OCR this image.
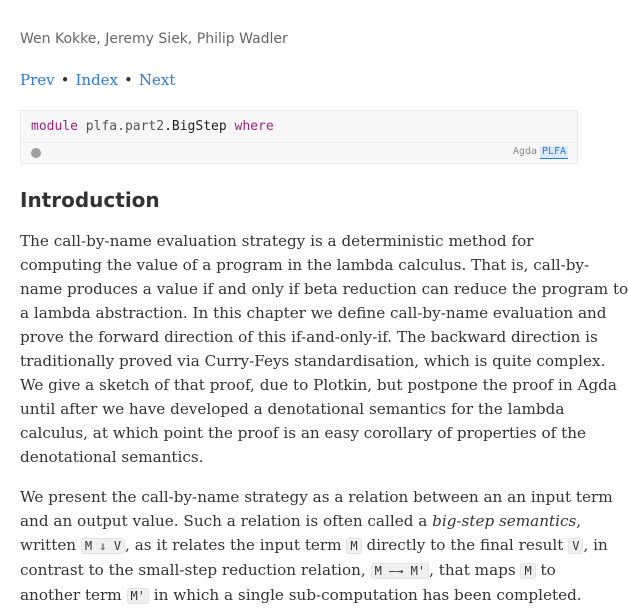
Wen Kokke, Jeremy Siek, Philip Wadler
Prev • Index • Next
module plfa.part2.BigStep where
Agda PLFA
Introduction

The call-by-name evaluation strategy is a deterministic method for
computing the value of a program in the lambda calculus. That is, call-by-
name produces a value if and only if beta reduction can reduce the program to
a lambda abstraction. In this chapter we define call-by-name evaluation and
prove the forward direction of this if-and-only-if. The backward direction is
traditionally proved via Curry-Feys standardisation, which is quite complex.
We give a sketch of that proof, due to Plotkin, but postpone the proof in Agda
until after we have developed a denotational semantics for the lambda
calculus, at which point the proof is an easy corollary of properties of the
denotational semantics.

We present the call-by-name strategy as a relation between an an input term
and an output value. Such a relation is often called a big-step semantics,
written M ⇓ V , as it relates the input term M directly to the final result V , in
contrast to the small-step reduction relation, M —→ M' , that maps M to
another term M' in which a single sub-computation has been completed.
